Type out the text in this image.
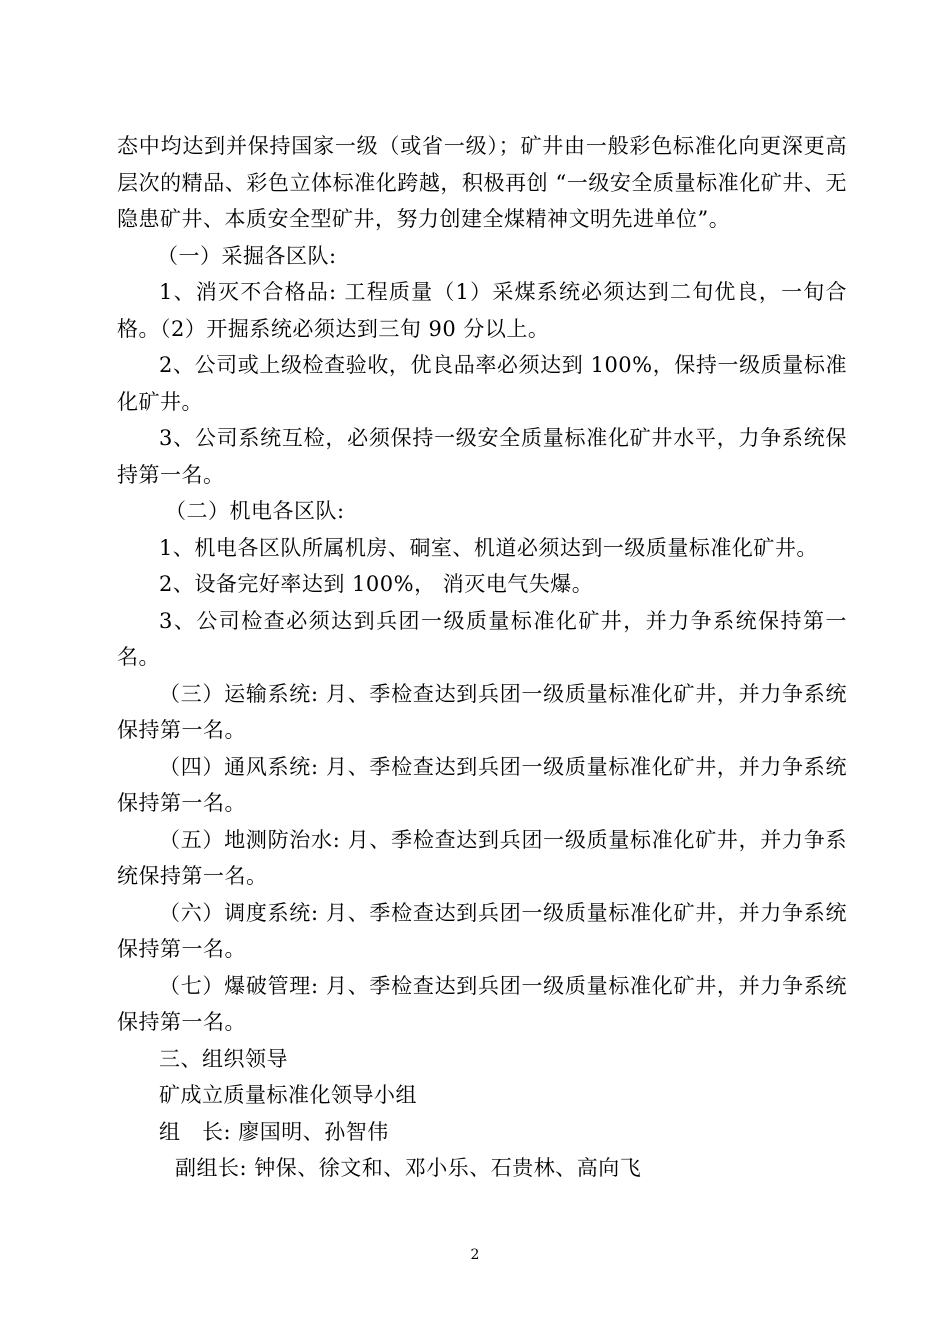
态中均达到并保持国家一级（或省一级）；矿井由一般彩色标准化向更深更高层次的精品、彩色立体标准化跨越，积极再创 “一级安全质量标准化矿井、无隐患矿井、本质安全型矿井，努力创建全煤精神文明先进单位”。

（一）采掘各区队:

1、消灭不合格品: 工程质量（1）采煤系统必须达到二旬优良，一旬合格。（2）开掘系统必须达到三旬 90 分以上。

2、公司或上级检查验收，优良品率必须达到 100%，保持一级质量标准化矿井。

3、公司系统互检，必须保持一级安全质量标准化矿井水平，力争系统保持第一名。

（二）机电各区队:

1、机电各区队所属机房、硐室、机道必须达到一级质量标准化矿井。

2、设备完好率达到 100%， 消灭电气失爆。

3、公司检查必须达到兵团一级质量标准化矿井，并力争系统保持第一名。

（三）运输系统: 月、季检查达到兵团一级质量标准化矿井，并力争系统保持第一名。

（四）通风系统: 月、季检查达到兵团一级质量标准化矿井，并力争系统保持第一名。

（五）地测防治水: 月、季检查达到兵团一级质量标准化矿井，并力争系统保持第一名。

（六）调度系统: 月、季检查达到兵团一级质量标准化矿井，并力争系统保持第一名。

（七）爆破管理: 月、季检查达到兵团一级质量标准化矿井，并力争系统保持第一名。

三、组织领导

矿成立质量标准化领导小组

组　长: 廖国明、孙智伟

副组长: 钟保、徐文和、邓小乐、石贵林、高向飞

2
